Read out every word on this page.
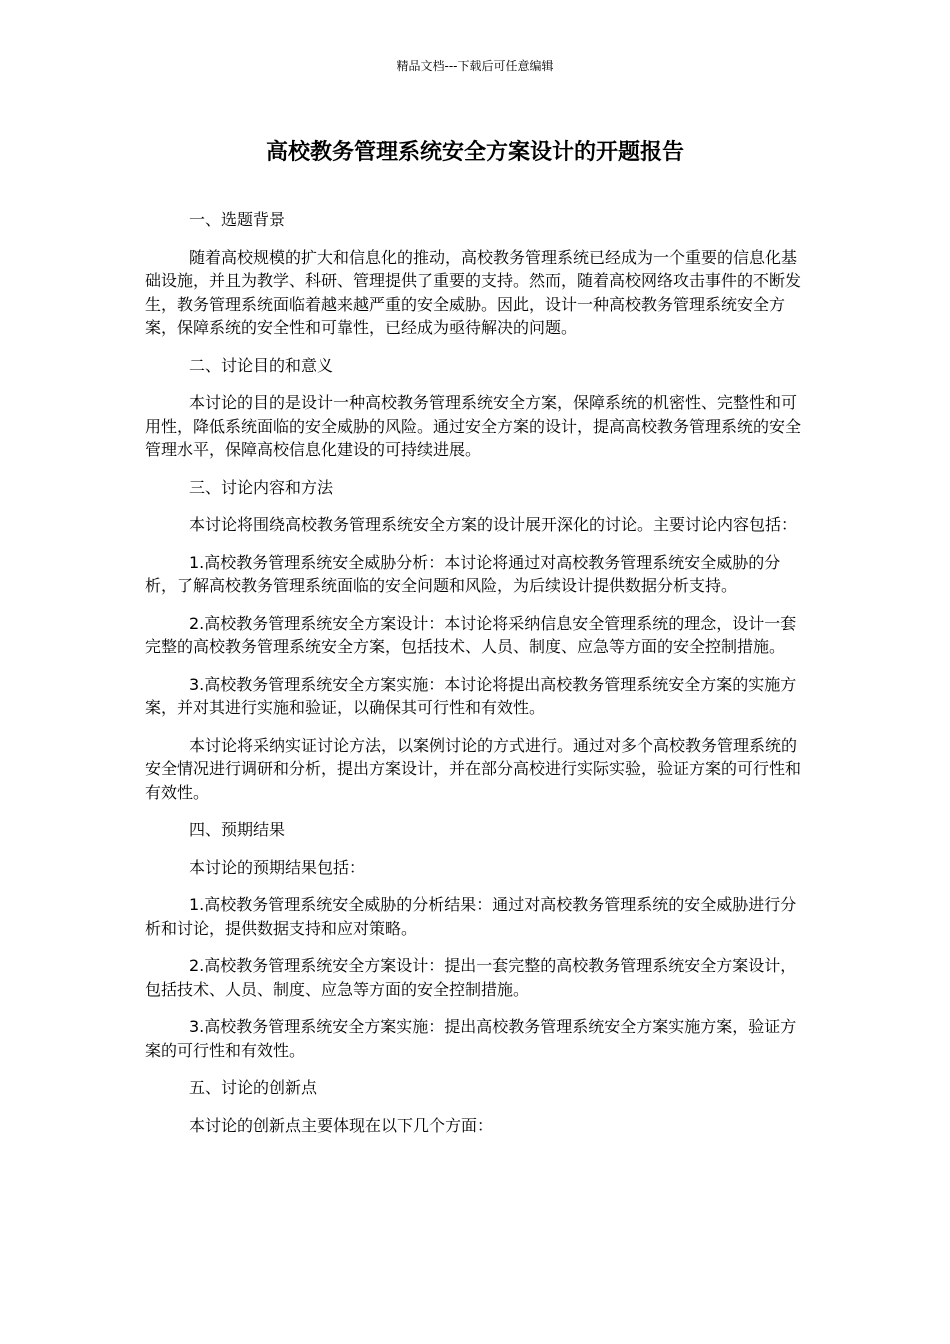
精品文档---下载后可任意编辑
高校教务管理系统安全方案设计的开题报告

一、选题背景

随着高校规模的扩大和信息化的推动，高校教务管理系统已经成为一个重要的信息化基础设施，并且为教学、科研、管理提供了重要的支持。然而，随着高校网络攻击事件的不断发生，教务管理系统面临着越来越严重的安全威胁。因此，设计一种高校教务管理系统安全方案，保障系统的安全性和可靠性，已经成为亟待解决的问题。

二、讨论目的和意义

本讨论的目的是设计一种高校教务管理系统安全方案，保障系统的机密性、完整性和可用性，降低系统面临的安全威胁的风险。通过安全方案的设计，提高高校教务管理系统的安全管理水平，保障高校信息化建设的可持续进展。

三、讨论内容和方法

本讨论将围绕高校教务管理系统安全方案的设计展开深化的讨论。主要讨论内容包括：

1.高校教务管理系统安全威胁分析：本讨论将通过对高校教务管理系统安全威胁的分析，了解高校教务管理系统面临的安全问题和风险，为后续设计提供数据分析支持。

2.高校教务管理系统安全方案设计：本讨论将采纳信息安全管理系统的理念，设计一套完整的高校教务管理系统安全方案，包括技术、人员、制度、应急等方面的安全控制措施。

3.高校教务管理系统安全方案实施：本讨论将提出高校教务管理系统安全方案的实施方案，并对其进行实施和验证，以确保其可行性和有效性。

本讨论将采纳实证讨论方法，以案例讨论的方式进行。通过对多个高校教务管理系统的安全情况进行调研和分析，提出方案设计，并在部分高校进行实际实验，验证方案的可行性和有效性。

四、预期结果

本讨论的预期结果包括：

1.高校教务管理系统安全威胁的分析结果：通过对高校教务管理系统的安全威胁进行分析和讨论，提供数据支持和应对策略。

2.高校教务管理系统安全方案设计：提出一套完整的高校教务管理系统安全方案设计，包括技术、人员、制度、应急等方面的安全控制措施。

3.高校教务管理系统安全方案实施：提出高校教务管理系统安全方案实施方案，验证方案的可行性和有效性。

五、讨论的创新点

本讨论的创新点主要体现在以下几个方面：
